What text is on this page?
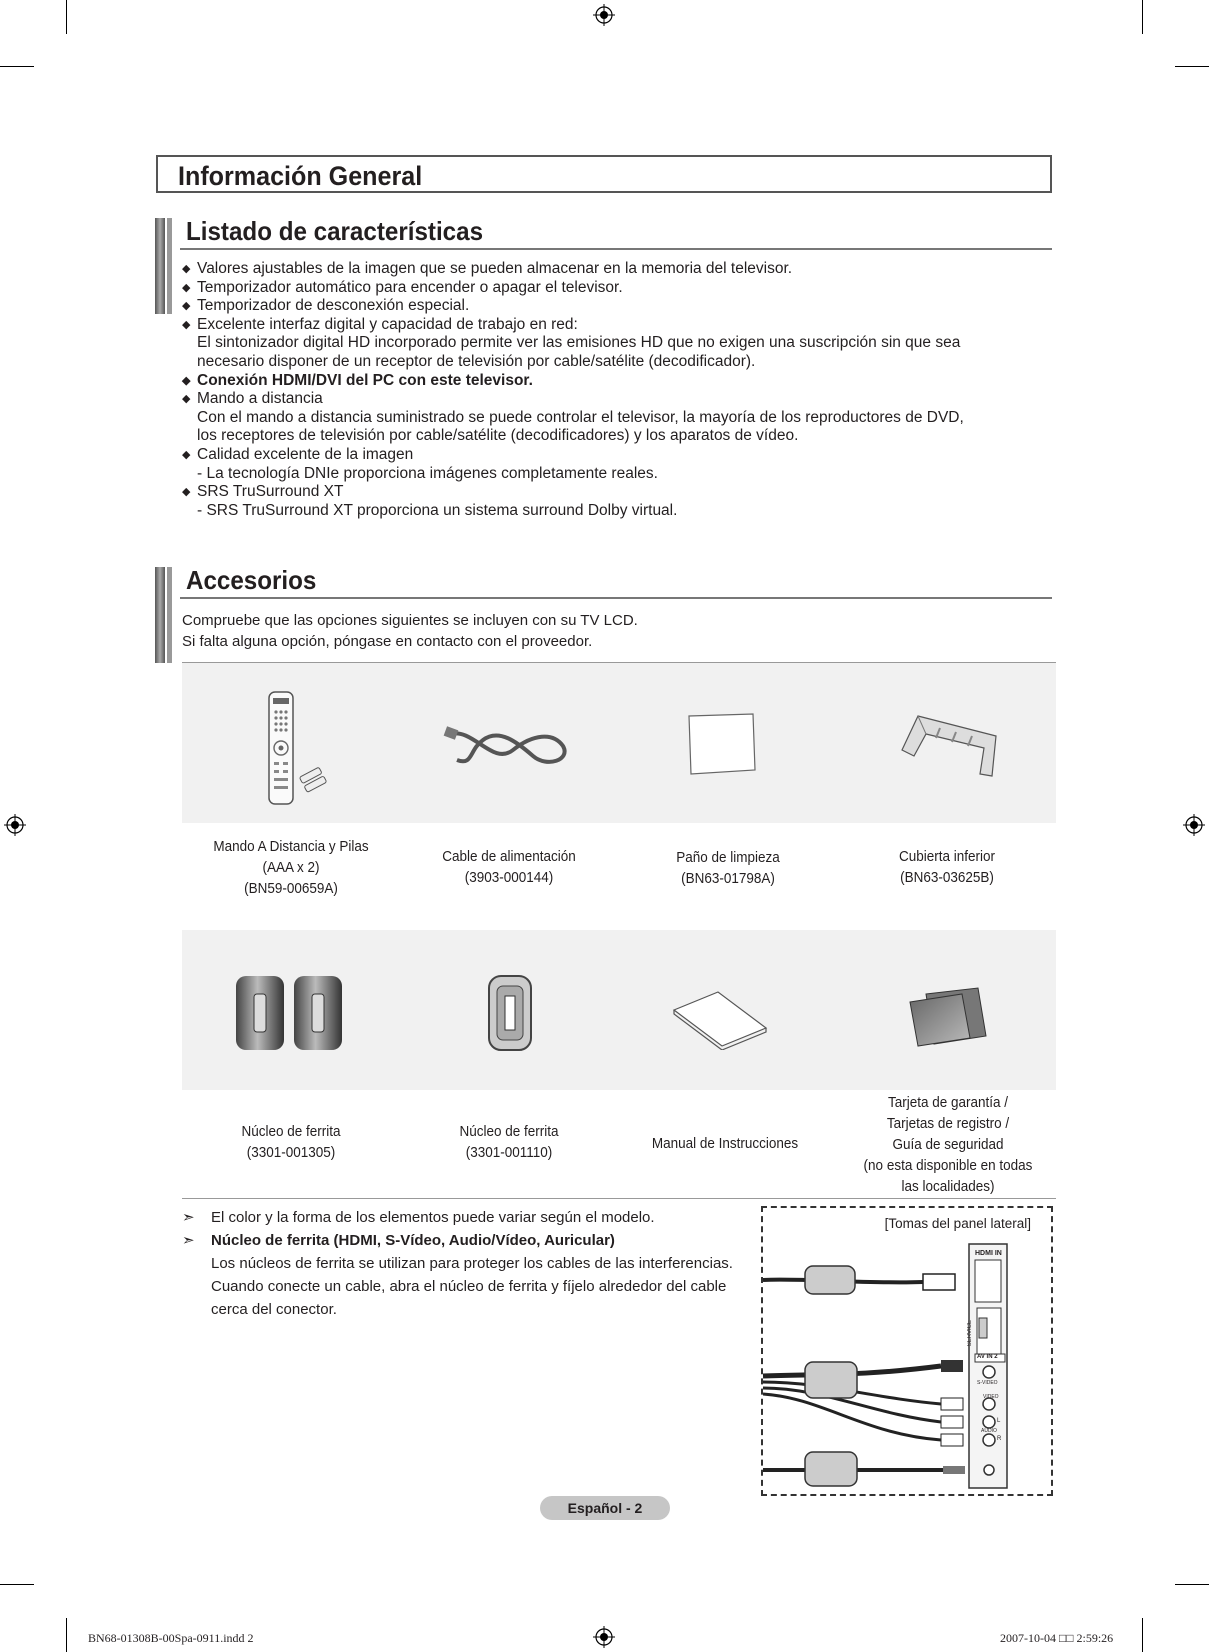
Información General
Listado de características
◆ Valores ajustables de la imagen que se pueden almacenar en la memoria del televisor.
◆ Temporizador automático para encender o apagar el televisor.
◆ Temporizador de desconexión especial.
◆ Excelente interfaz digital y capacidad de trabajo en red:
El sintonizador digital HD incorporado permite ver las emisiones HD que no exigen una suscripción sin que sea
necesario disponer de un receptor de televisión por cable/satélite (decodificador).
◆ Conexión HDMI/DVI del PC con este televisor.
◆ Mando a distancia
Con el mando a distancia suministrado se puede controlar el televisor, la mayoría de los reproductores de DVD,
los receptores de televisión por cable/satélite (decodificadores) y los aparatos de vídeo.
◆ Calidad excelente de la imagen
- La tecnología DNIe proporciona imágenes completamente reales.
◆ SRS TruSurround XT
- SRS TruSurround XT proporciona un sistema surround Dolby virtual.
Accesorios
Compruebe que las opciones siguientes se incluyen con su TV LCD.
Si falta alguna opción, póngase en contacto con el proveedor.
Mando A Distancia y Pilas
(AAA x 2)
(BN59-00659A)
Cable de alimentación
(3903-000144)
Paño de limpieza
(BN63-01798A)
Cubierta inferior
(BN63-03625B)
Núcleo de ferrita
(3301-001305)
Núcleo de ferrita
(3301-001110)
Manual de Instrucciones
Tarjeta de garantía /
Tarjetas de registro /
Guía de seguridad
(no esta disponible en todas
las localidades)
➣ El color y la forma de los elementos puede variar según el modelo.
➣ Núcleo de ferrita (HDMI, S-Vídeo, Audio/Vídeo, Auricular)
Los núcleos de ferrita se utilizan para proteger los cables de las interferencias.
Cuando conecte un cable, abra el núcleo de ferrita y fíjelo alrededor del cable
cerca del conector.
[Tomas del panel lateral]
HDMI IN
SERVICE
AV IN 2
S-VIDEO
VIDEO
L
AUDIO
R
Español - 2
BN68-01308B-00Spa-0911.indd 2	2007-10-04 □□ 2:59:26
